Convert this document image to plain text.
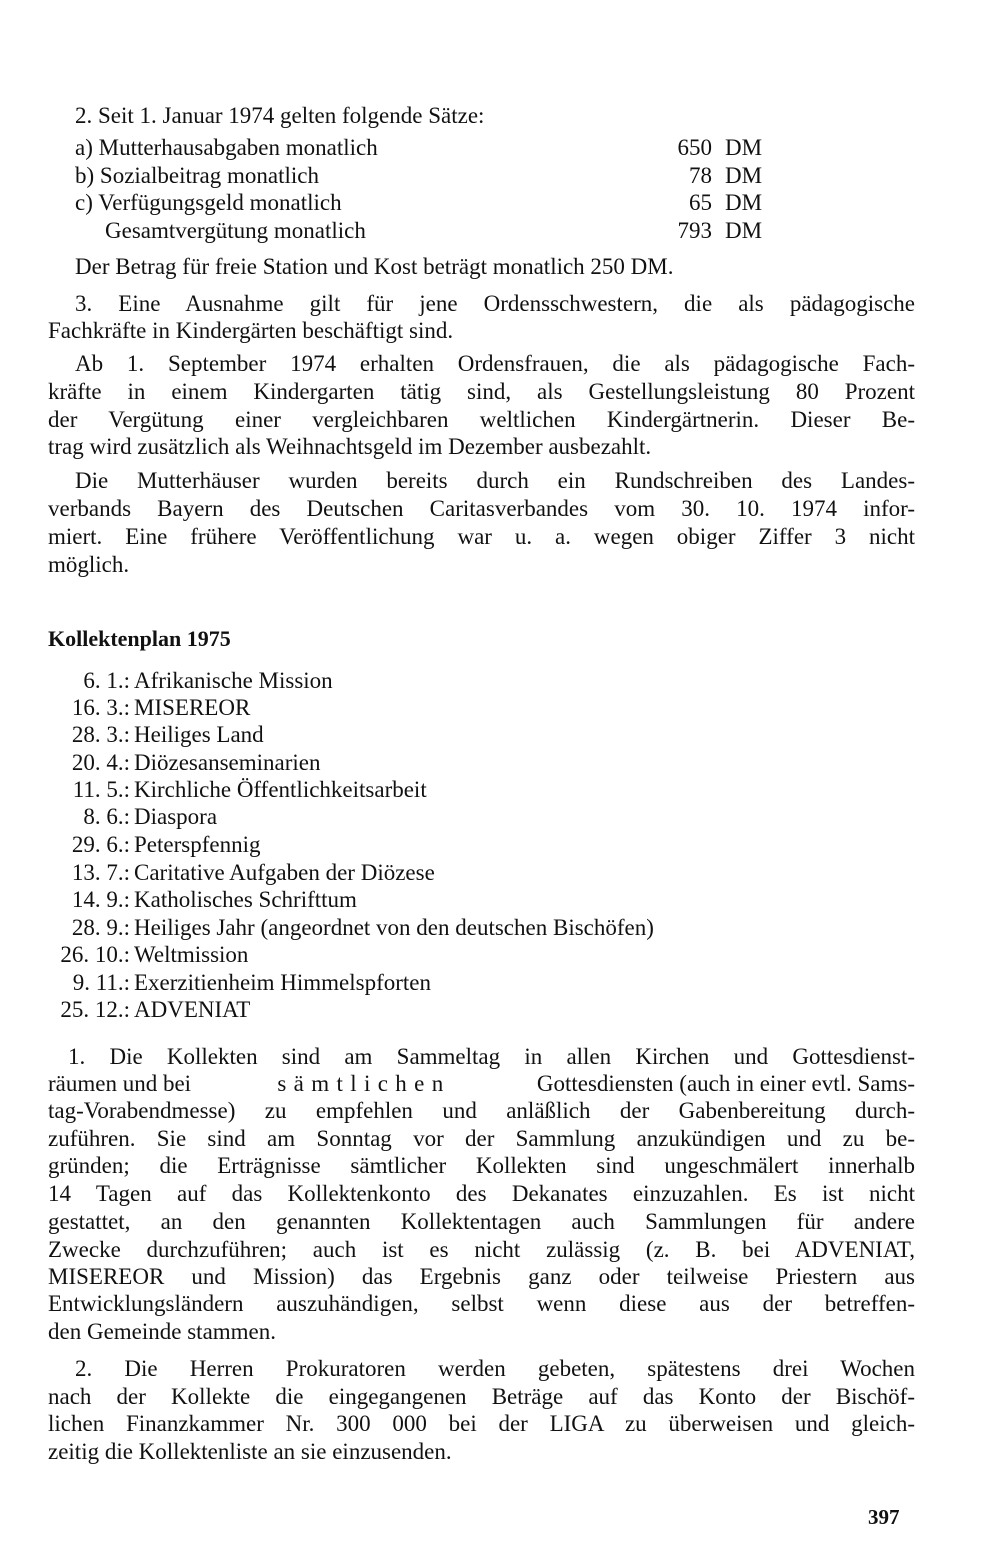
2. Seit 1. Januar 1974 gelten folgende Sätze:
a) Mutterhausabgaben monatlich	650 DM
b) Sozialbeitrag monatlich	78 DM
c) Verfügungsgeld monatlich	65 DM
Gesamtvergütung monatlich	793 DM
Der Betrag für freie Station und Kost beträgt monatlich 250 DM.
3. Eine Ausnahme gilt für jene Ordensschwestern, die als pädagogische
Fachkräfte in Kindergärten beschäftigt sind.
Ab 1. September 1974 erhalten Ordensfrauen, die als pädagogische Fach-
kräfte in einem Kindergarten tätig sind, als Gestellungsleistung 80 Prozent
der Vergütung einer vergleichbaren weltlichen Kindergärtnerin. Dieser Be-
trag wird zusätzlich als Weihnachtsgeld im Dezember ausbezahlt.
Die Mutterhäuser wurden bereits durch ein Rundschreiben des Landes-
verbands Bayern des Deutschen Caritasverbandes vom 30. 10. 1974 infor-
miert. Eine frühere Veröffentlichung war u. a. wegen obiger Ziffer 3 nicht
möglich.
Kollektenplan 1975
6. 1.: Afrikanische Mission
16. 3.: MISEREOR
28. 3.: Heiliges Land
20. 4.: Diözesanseminarien
11. 5.: Kirchliche Öffentlichkeitsarbeit
8. 6.: Diaspora
29. 6.: Peterspfennig
13. 7.: Caritative Aufgaben der Diözese
14. 9.: Katholisches Schrifttum
28. 9.: Heiliges Jahr (angeordnet von den deutschen Bischöfen)
26. 10.: Weltmission
9. 11.: Exerzitienheim Himmelspforten
25. 12.: ADVENIAT
1. Die Kollekten sind am Sammeltag in allen Kirchen und Gottesdienst-
räumen und bei	sämtlichen	Gottesdiensten (auch in einer evtl. Sams-
tag-Vorabendmesse) zu empfehlen und anläßlich der Gabenbereitung durch-
zuführen. Sie sind am Sonntag vor der Sammlung anzukündigen und zu be-
gründen; die Erträgnisse sämtlicher Kollekten sind ungeschmälert innerhalb
14 Tagen auf das Kollektenkonto des Dekanates einzuzahlen. Es ist nicht
gestattet, an den genannten Kollektentagen auch Sammlungen für andere
Zwecke durchzuführen; auch ist es nicht zulässig (z. B. bei ADVENIAT,
MISEREOR und Mission) das Ergebnis ganz oder teilweise Priestern aus
Entwicklungsländern auszuhändigen, selbst wenn diese aus der betreffen-
den Gemeinde stammen.
2. Die Herren Prokuratoren werden gebeten, spätestens drei Wochen
nach der Kollekte die eingegangenen Beträge auf das Konto der Bischöf-
lichen Finanzkammer Nr. 300 000 bei der LIGA zu überweisen und gleich-
zeitig die Kollektenliste an sie einzusenden.
397
